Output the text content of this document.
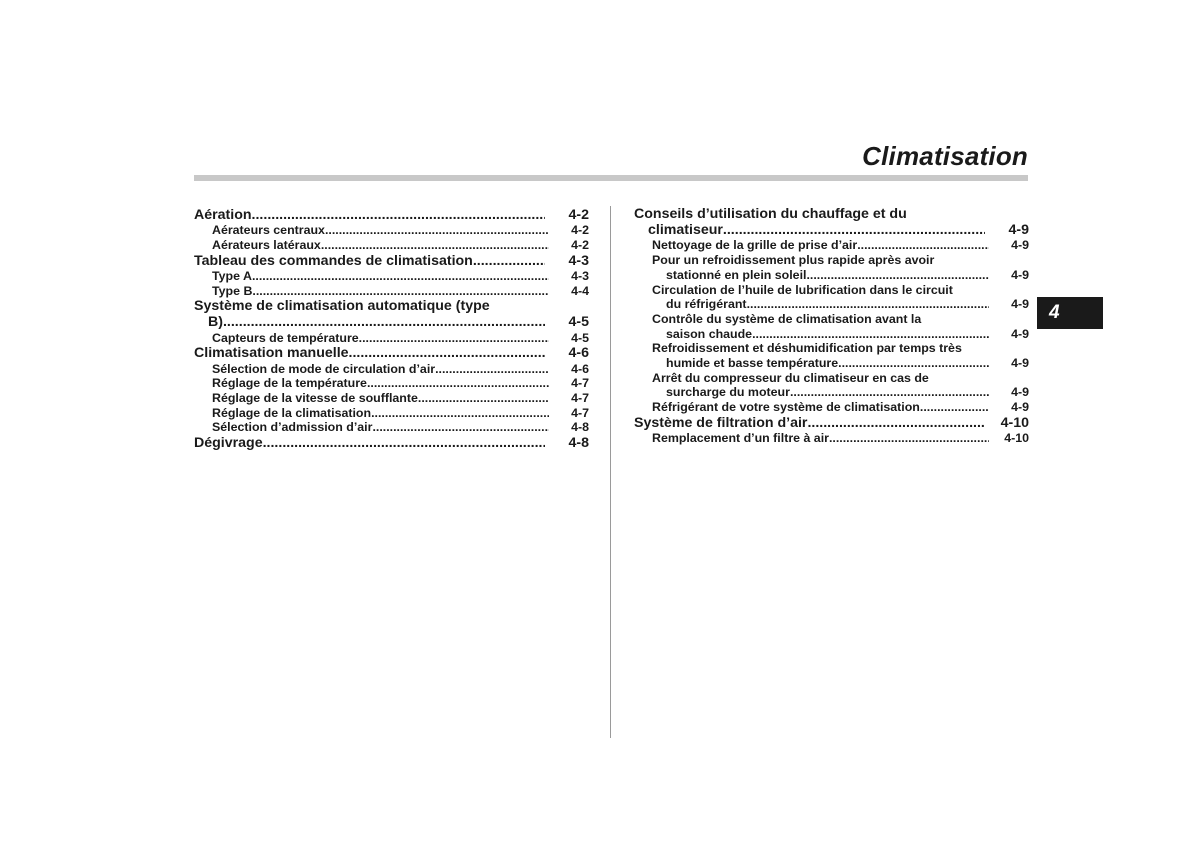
Climatisation
Aération .....	4-2
Aérateurs centraux .....	4-2
Aérateurs latéraux .....	4-2
Tableau des commandes de climatisation .....	4-3
Type A .....	4-3
Type B .....	4-4
Système de climatisation automatique (type
B) .....	4-5
Capteurs de température .....	4-5
Climatisation manuelle .....	4-6
Sélection de mode de circulation d’air .....	4-6
Réglage de la température .....	4-7
Réglage de la vitesse de soufflante .....	4-7
Réglage de la climatisation .....	4-7
Sélection d’admission d’air .....	4-8
Dégivrage .....	4-8
Conseils d’utilisation du chauffage et du
climatiseur .....	4-9
Nettoyage de la grille de prise d’air .....	4-9
Pour un refroidissement plus rapide après avoir
stationné en plein soleil .....	4-9
Circulation de l’huile de lubrification dans le circuit
du réfrigérant .....	4-9
Contrôle du système de climatisation avant la
saison chaude .....	4-9
Refroidissement et déshumidification par temps très
humide et basse température .....	4-9
Arrêt du compresseur du climatiseur en cas de
surcharge du moteur .....	4-9
Réfrigérant de votre système de climatisation .....	4-9
Système de filtration d’air .....	4-10
Remplacement d’un filtre à air .....	4-10
4
